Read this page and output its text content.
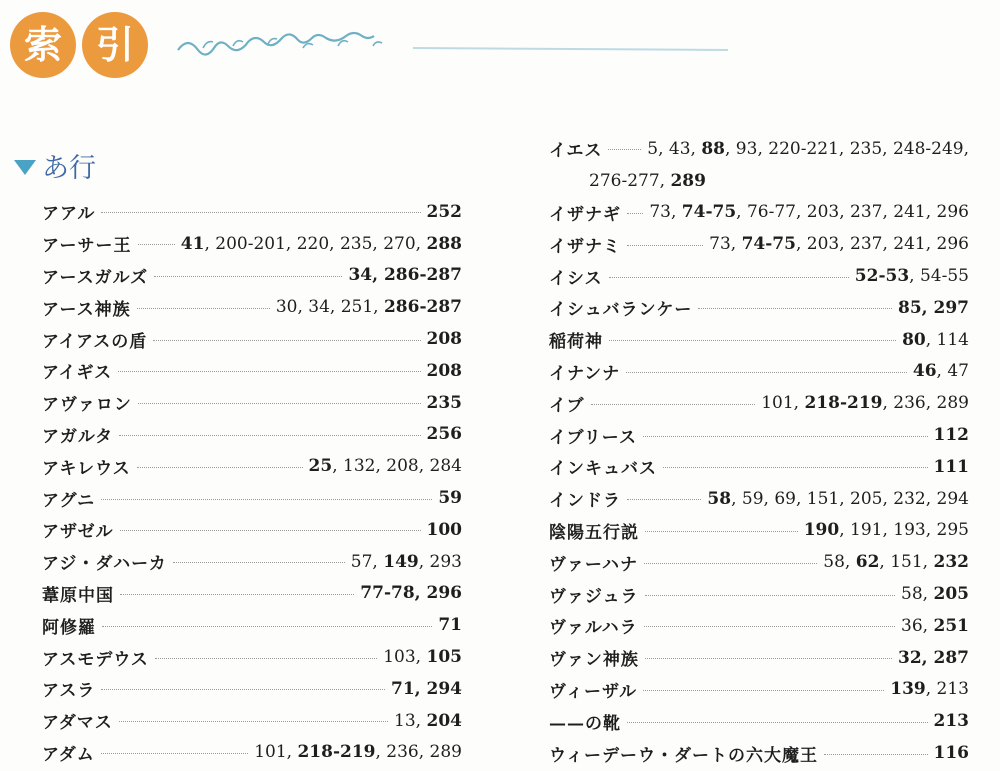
索 引
あ行
アアル	252
アーサー王	41, 200-201, 220, 235, 270, 288
アースガルズ	34, 286-287
アース神族	30, 34, 251, 286-287
アイアスの盾	208
アイギス	208
アヴァロン	235
アガルタ	256
アキレウス	25, 132, 208, 284
アグニ	59
アザゼル	100
アジ・ダハーカ	57, 149, 293
葦原中国	77-78, 296
阿修羅	71
アスモデウス	103, 105
アスラ	71, 294
アダマス	13, 204
アダム	101, 218-219, 236, 289
イエス	5, 43, 88, 93, 220-221, 235, 248-249,
276-277, 289
イザナギ 73, 74-75, 76-77, 203, 237, 241, 296
イザナミ	73, 74-75, 203, 237, 241, 296
イシス	52-53, 54-55
イシュバランケー	85, 297
稲荷神	80, 114
イナンナ	46, 47
イブ	101, 218-219, 236, 289
イブリース	112
インキュバス	111
インドラ	58, 59, 69, 151, 205, 232, 294
陰陽五行説	190, 191, 193, 295
ヴァーハナ	58, 62, 151, 232
ヴァジュラ	58, 205
ヴァルハラ	36, 251
ヴァン神族	32, 287
ヴィーザル	139, 213
——の靴	213
ウィーデーウ・ダートの六大魔王	116
